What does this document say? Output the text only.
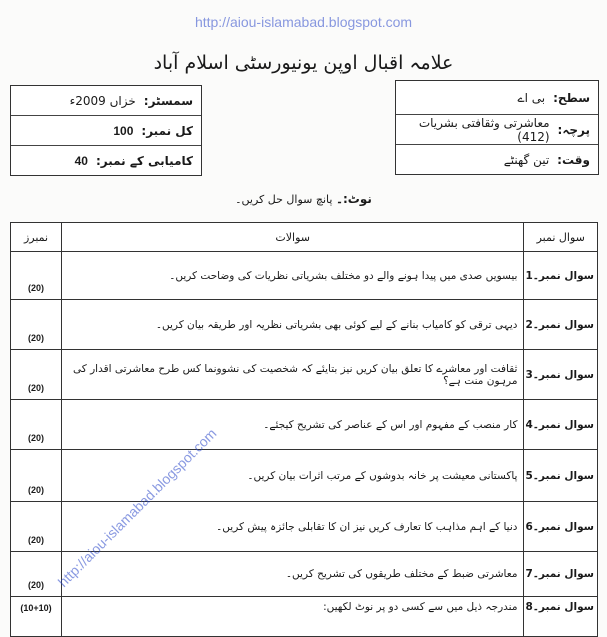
علامہ اقبال اوپن یونیورسٹی اسلام آباد
سمسٹر:
خزاں 2009ء
کل نمبر:
100
کامیابی کے نمبر:
40
سطح:
بی اے
پرچہ:
معاشرتی وثقافتی بشریات (412)
وقت:
تین گھنٹے
نوٹ:۔ پانچ سوال حل کریں۔
نمبرز	سوالات	سوال نمبر
(20)	بیسویں صدی میں پیدا ہونے والے دو مختلف بشریاتی نظریات کی وضاحت کریں۔	سوال نمبر۔1
(20)	دیہی ترقی کو کامیاب بنانے کے لیے کوئی بھی بشریاتی نظریہ اور طریقہ بیان کریں۔	سوال نمبر۔2
(20)	ثقافت اور معاشرے کا تعلق بیان کریں نیز بتایئے کہ شخصیت کی نشوونما کس طرح معاشرتی اقدار کی مرہون منت ہے؟	سوال نمبر۔3
(20)	کار منصب کے مفہوم اور اس کے عناصر کی تشریح کیجئے۔	سوال نمبر۔4
(20)	پاکستانی معیشت پر خانہ بدوشوں کے مرتب اثرات بیان کریں۔	سوال نمبر۔5
(20)	دنیا کے اہم مذاہب کا تعارف کریں نیز ان کا تقابلی جائزہ پیش کریں۔	سوال نمبر۔6
(20)	معاشرتی ضبط کے مختلف طریقوں کی تشریح کریں۔	سوال نمبر۔7
(10+10)	مندرجہ ذیل میں سے کسی دو پر نوٹ لکھیں:	سوال نمبر۔8
http://aiou-islamabad.blogspot.com
http://aiou-islamabad.blogspot.com
